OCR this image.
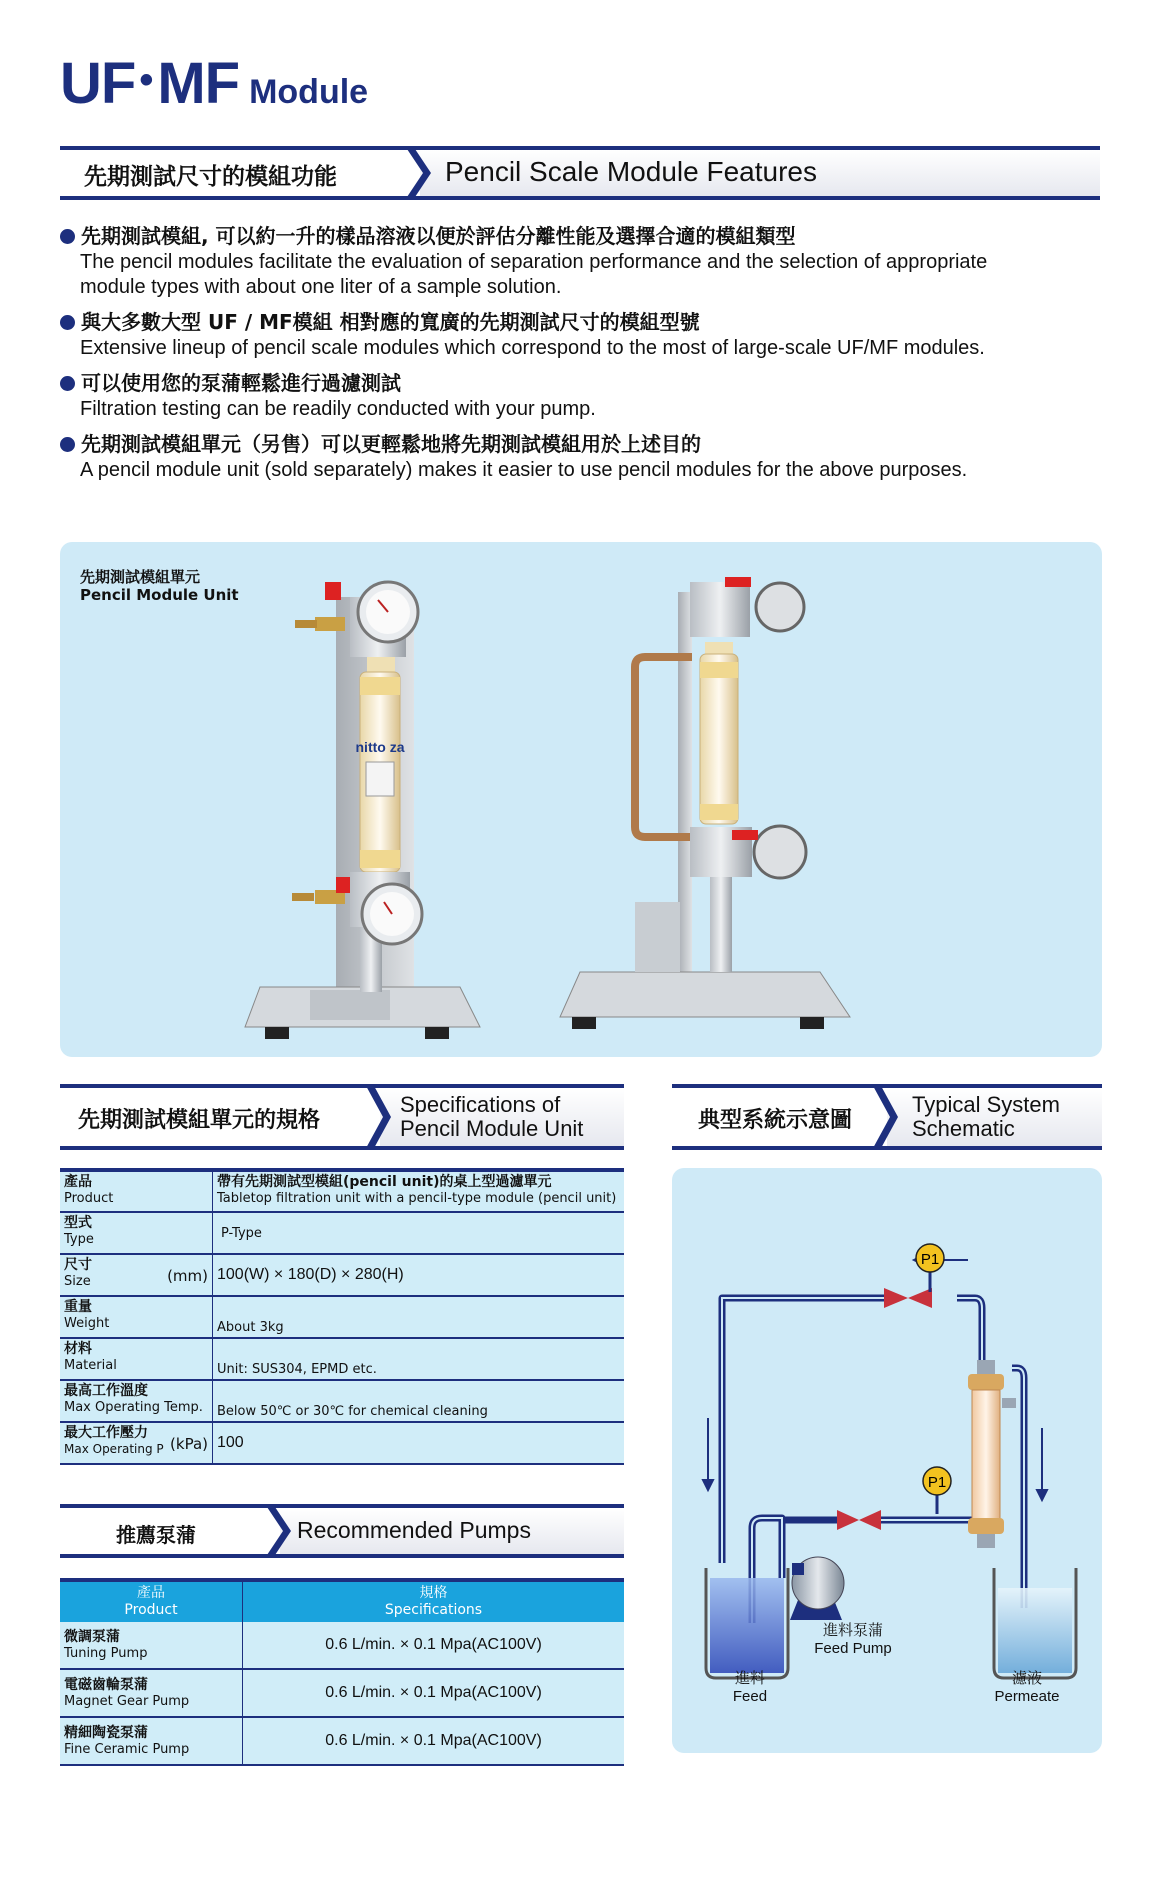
UF •MF Module
先期測試尺寸的模組功能	Pencil Scale Module Features
先期測試模組, 可以約一升的樣品溶液以便於評估分離性能及選擇合適的模組類型
The pencil modules facilitate the evaluation of separation performance and the selection of appropriate
module types with about one liter of a sample solution.
與大多數大型 UF / MF模組 相對應的寬廣的先期測試尺寸的模組型號
Extensive lineup of pencil scale modules which correspond to the most of large-scale UF/MF modules.
可以使用您的泵蒲輕鬆進行過濾測試
Filtration testing can be readily conducted with your pump.
先期測試模組單元（另售）可以更輕鬆地將先期測試模組用於上述目的
A pencil module unit (sold separately) makes it easier to use pencil modules for the above purposes.
先期測試模組單元
Pencil Module Unit
nitto za
先期測試模組單元的規格
Specifications of
Pencil Module Unit
產品
Product	帶有先期測試型模組(pencil unit)的桌上型過濾單元
Tabletop filtration unit with a pencil-type module (pencil unit)

型式
Type	P-Type

尺寸
Size (mm)	100(W) × 180(D) × 280(H)

重量
Weight	About 3kg

材料
Material	Unit: SUS304, EPMD etc.

最高工作溫度
Max Operating Temp.	Below 50℃ or 30℃ for chemical cleaning

最大工作壓力
Max Operating P (kPa)	100
推薦泵蒲	Recommended Pumps
產品
Product	規格
Specifications

微調泵蒲
Tuning Pump	0.6 L/min. × 0.1 Mpa(AC100V)

電磁齒輪泵蒲
Magnet Gear Pump	0.6 L/min. × 0.1 Mpa(AC100V)

精細陶瓷泵蒲
Fine Ceramic Pump	0.6 L/min. × 0.1 Mpa(AC100V)
典型系統示意圖
Typical System
Schematic
P1
P1
進料泵蒲
Feed Pump
進料
Feed
濾液
Permeate
